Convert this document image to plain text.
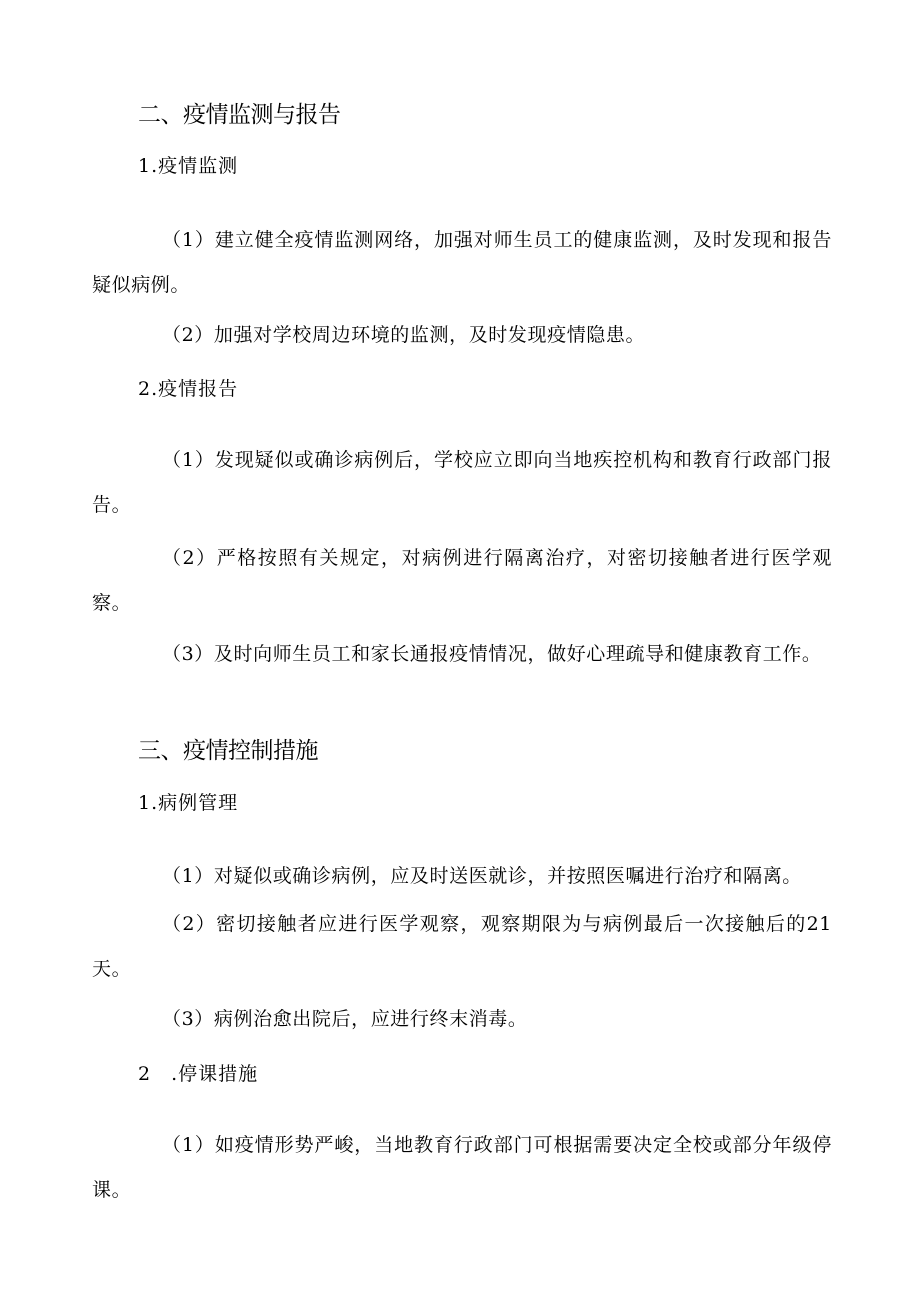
二、疫情监测与报告
1.疫情监测
（1）建立健全疫情监测网络，加强对师生员工的健康监测，及时发现和报告疑似病例。
（2）加强对学校周边环境的监测，及时发现疫情隐患。
2.疫情报告
（1）发现疑似或确诊病例后，学校应立即向当地疾控机构和教育行政部门报告。
（2）严格按照有关规定，对病例进行隔离治疗，对密切接触者进行医学观察。
（3）及时向师生员工和家长通报疫情情况，做好心理疏导和健康教育工作。
三、疫情控制措施
1.病例管理
（1）对疑似或确诊病例，应及时送医就诊，并按照医嘱进行治疗和隔离。
（2）密切接触者应进行医学观察，观察期限为与病例最后一次接触后的21天。
（3）病例治愈出院后，应进行终末消毒。
2　.停课措施
（1）如疫情形势严峻，当地教育行政部门可根据需要决定全校或部分年级停课。
